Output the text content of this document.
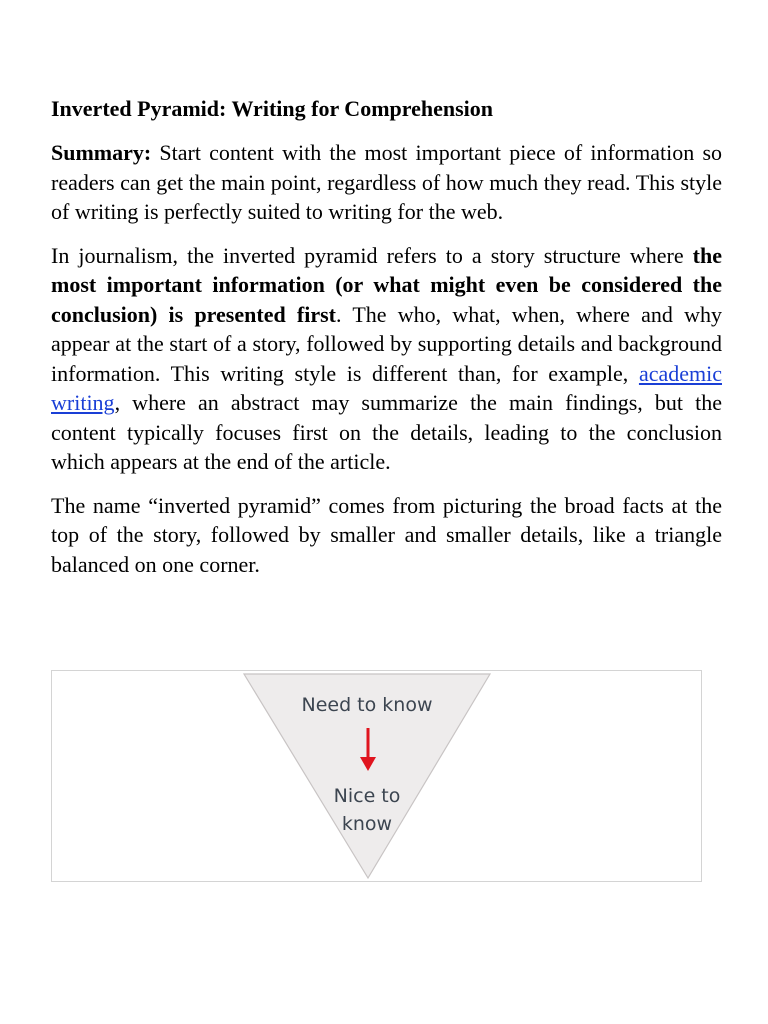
Inverted Pyramid: Writing for Comprehension

Summary: Start content with the most important piece of information so readers can get the main point, regardless of how much they read. This style of writing is perfectly suited to writing for the web.

In journalism, the inverted pyramid refers to a story structure where the most important information (or what might even be considered the conclusion) is presented first. The who, what, when, where and why appear at the start of a story, followed by supporting details and background information. This writing style is different than, for example, academic writing, where an abstract may summarize the main findings, but the content typically focuses first on the details, leading to the conclusion which appears at the end of the article.

The name “inverted pyramid” comes from picturing the broad facts at the top of the story, followed by smaller and smaller details, like a triangle balanced on one corner.

Need to know
Nice to
know
